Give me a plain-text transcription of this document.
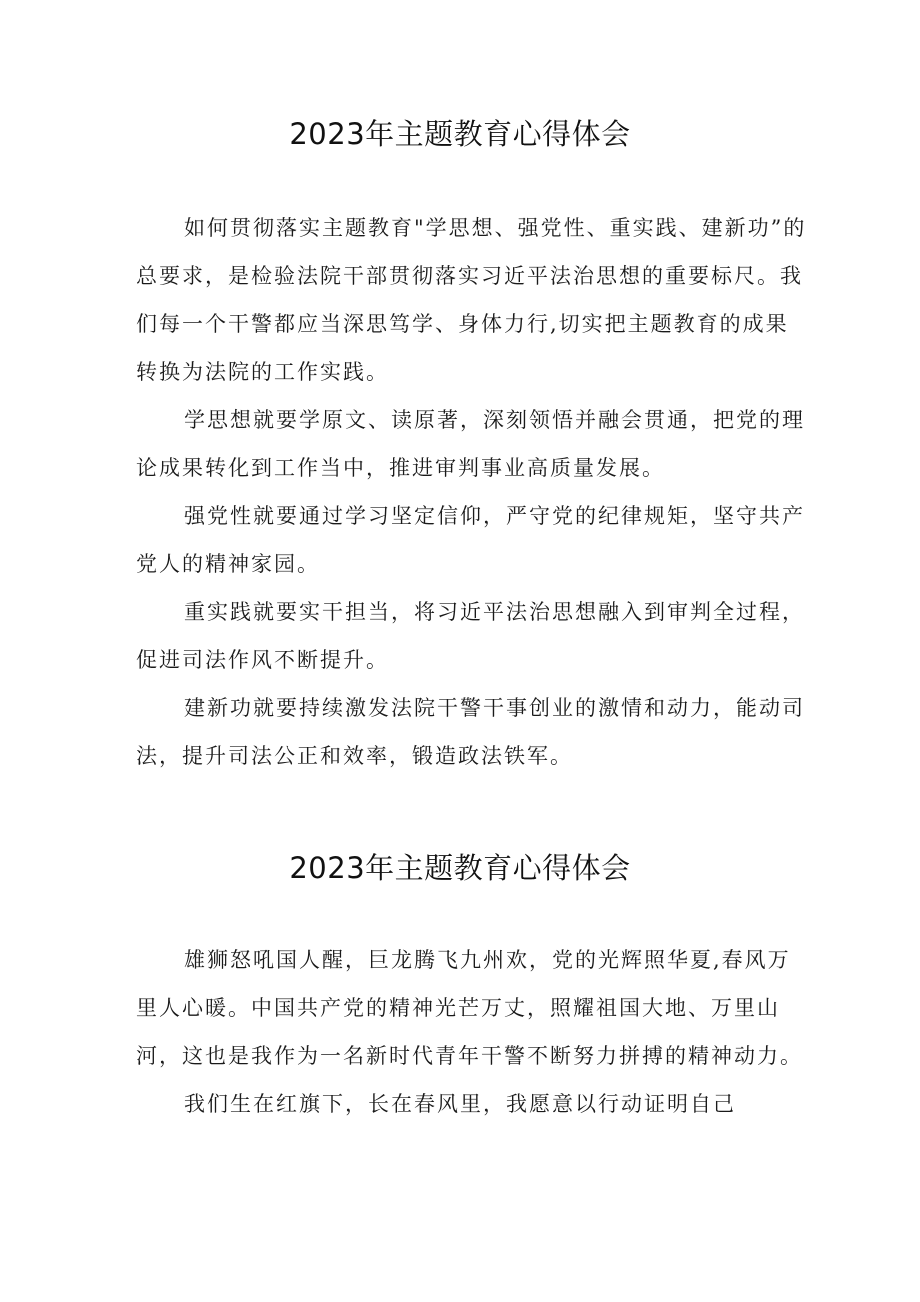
2023年主题教育心得体会

如何贯彻落实主题教育"学思想、强党性、重实践、建新功”的总要求，是检验法院干部贯彻落实习近平法治思想的重要标尺。我们每一个干警都应当深思笃学、身体力行,切实把主题教育的成果转换为法院的工作实践。

学思想就要学原文、读原著，深刻领悟并融会贯通，把党的理论成果转化到工作当中，推进审判事业高质量发展。

强党性就要通过学习坚定信仰，严守党的纪律规矩，坚守共产党人的精神家园。

重实践就要实干担当，将习近平法治思想融入到审判全过程，促进司法作风不断提升。

建新功就要持续激发法院干警干事创业的激情和动力，能动司法，提升司法公正和效率，锻造政法铁军。

2023年主题教育心得体会

雄狮怒吼国人醒，巨龙腾飞九州欢，党的光辉照华夏,春风万里人心暖。中国共产党的精神光芒万丈，照耀祖国大地、万里山河，这也是我作为一名新时代青年干警不断努力拼搏的精神动力。

我们生在红旗下，长在春风里，我愿意以行动证明自己
